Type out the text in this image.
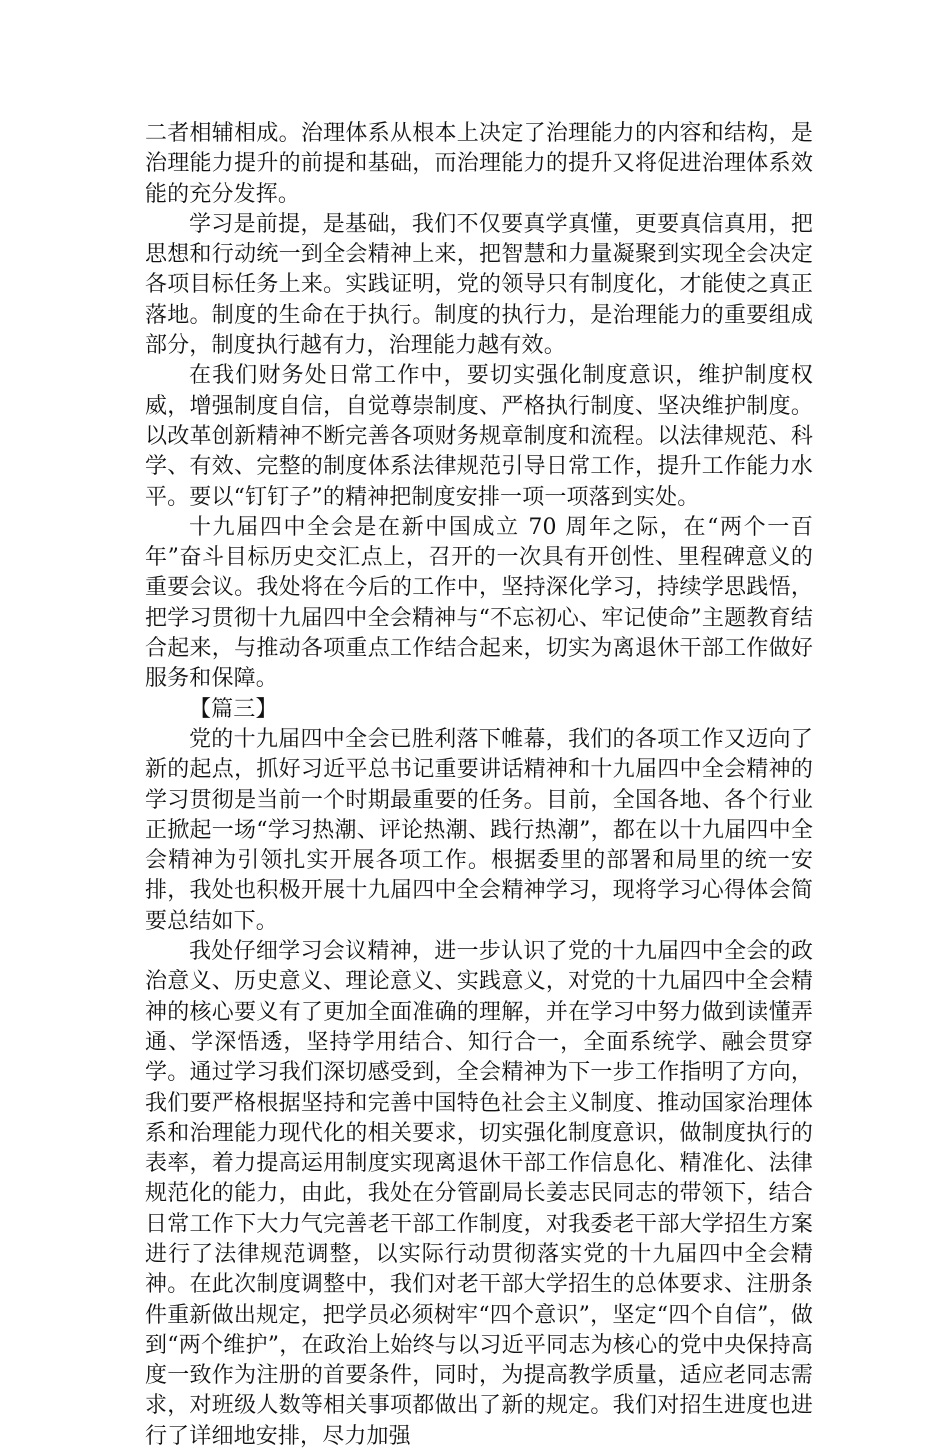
二者相辅相成。治理体系从根本上决定了治理能力的内容和结构，是治理能力提升的前提和基础，而治理能力的提升又将促进治理体系效能的充分发挥。

学习是前提，是基础，我们不仅要真学真懂，更要真信真用，把思想和行动统一到全会精神上来，把智慧和力量凝聚到实现全会决定各项目标任务上来。实践证明，党的领导只有制度化，才能使之真正落地。制度的生命在于执行。制度的执行力，是治理能力的重要组成部分，制度执行越有力，治理能力越有效。

在我们财务处日常工作中，要切实强化制度意识，维护制度权威，增强制度自信，自觉尊崇制度、严格执行制度、坚决维护制度。以改革创新精神不断完善各项财务规章制度和流程。以法律规范、科学、有效、完整的制度体系法律规范引导日常工作，提升工作能力水平。要以“钉钉子”的精神把制度安排一项一项落到实处。

十九届四中全会是在新中国成立 70 周年之际，在“两个一百年”奋斗目标历史交汇点上，召开的一次具有开创性、里程碑意义的重要会议。我处将在今后的工作中，坚持深化学习，持续学思践悟，把学习贯彻十九届四中全会精神与“不忘初心、牢记使命”主题教育结合起来，与推动各项重点工作结合起来，切实为离退休干部工作做好服务和保障。

【篇三】

党的十九届四中全会已胜利落下帷幕，我们的各项工作又迈向了新的起点，抓好习近平总书记重要讲话精神和十九届四中全会精神的学习贯彻是当前一个时期最重要的任务。目前，全国各地、各个行业正掀起一场“学习热潮、评论热潮、践行热潮”，都在以十九届四中全会精神为引领扎实开展各项工作。根据委里的部署和局里的统一安排，我处也积极开展十九届四中全会精神学习，现将学习心得体会简要总结如下。

我处仔细学习会议精神，进一步认识了党的十九届四中全会的政治意义、历史意义、理论意义、实践意义，对党的十九届四中全会精神的核心要义有了更加全面准确的理解，并在学习中努力做到读懂弄通、学深悟透，坚持学用结合、知行合一，全面系统学、融会贯穿学。通过学习我们深切感受到，全会精神为下一步工作指明了方向，我们要严格根据坚持和完善中国特色社会主义制度、推动国家治理体系和治理能力现代化的相关要求，切实强化制度意识，做制度执行的表率，着力提高运用制度实现离退休干部工作信息化、精准化、法律规范化的能力，由此，我处在分管副局长姜志民同志的带领下，结合日常工作下大力气完善老干部工作制度，对我委老干部大学招生方案进行了法律规范调整，以实际行动贯彻落实党的十九届四中全会精神。在此次制度调整中，我们对老干部大学招生的总体要求、注册条件重新做出规定，把学员必须树牢“四个意识”，坚定“四个自信”，做到“两个维护”，在政治上始终与以习近平同志为核心的党中央保持高度一致作为注册的首要条件，同时，为提高教学质量，适应老同志需求，对班级人数等相关事项都做出了新的规定。我们对招生进度也进行了详细地安排，尽力加强
